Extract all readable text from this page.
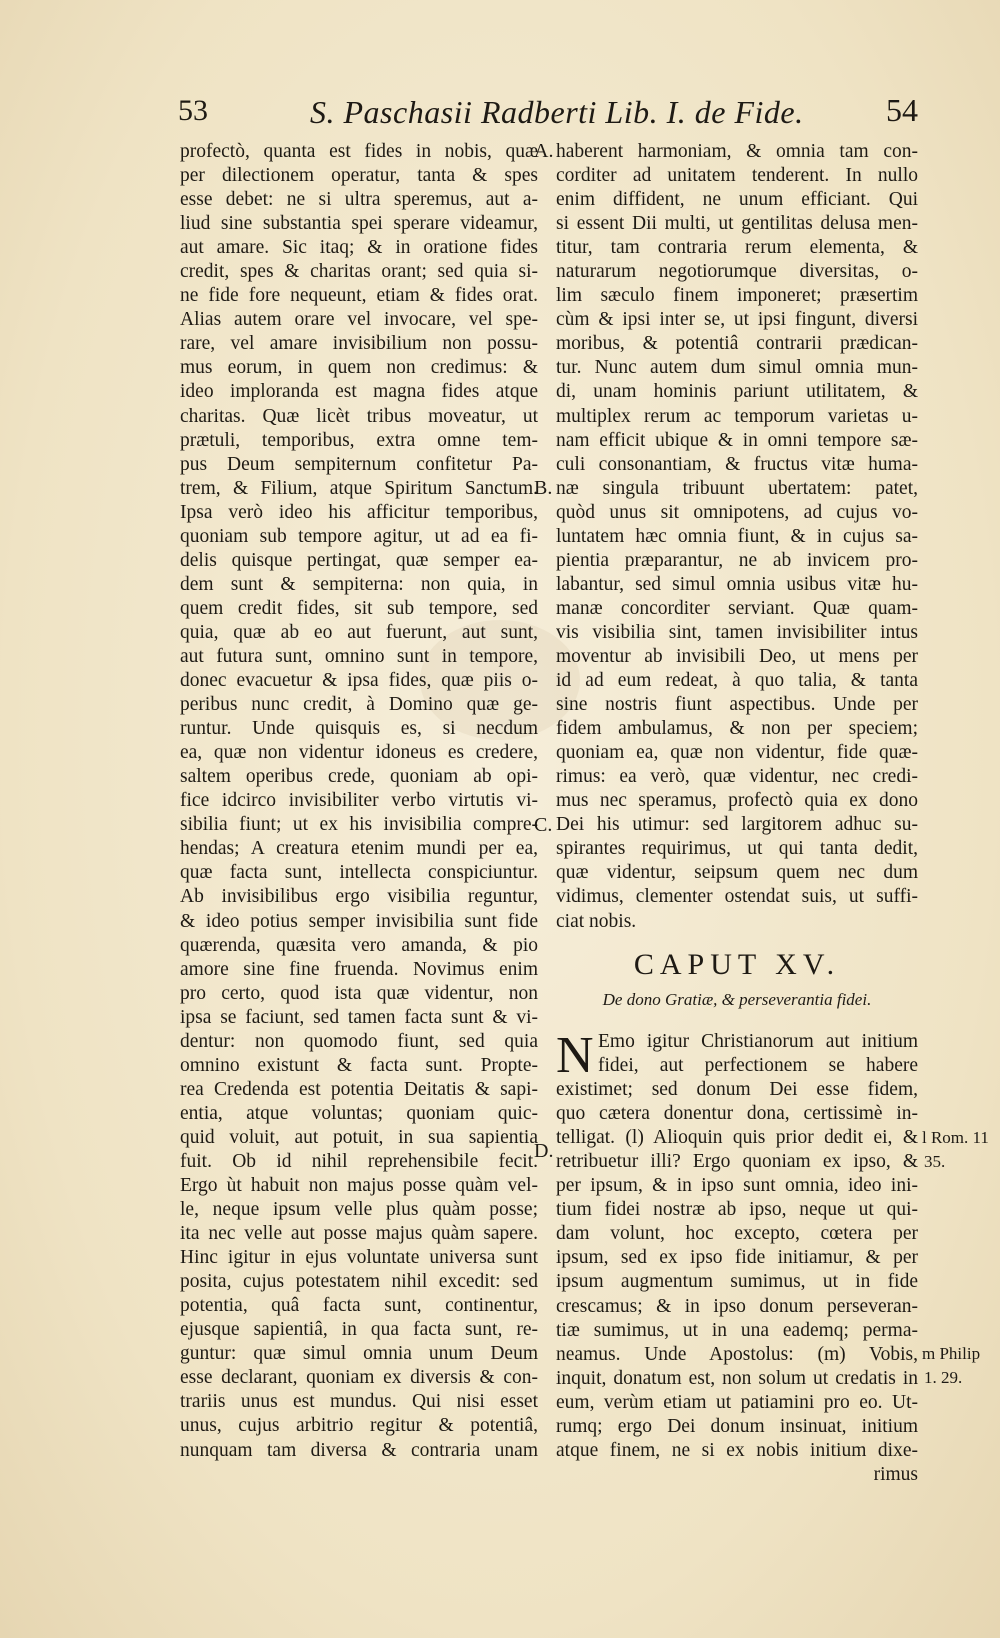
53	S. Paschasii Radberti Lib. I. de Fide.	54
profectò, quanta est fides in nobis, quæ
per dilectionem operatur, tanta & spes
esse debet: ne si ultra speremus, aut a-
liud sine substantia spei sperare videamur,
aut amare. Sic itaq; & in oratione fides
credit, spes & charitas orant; sed quia si-
ne fide fore nequeunt, etiam & fides orat.
Alias autem orare vel invocare, vel spe-
rare, vel amare invisibilium non possu-
mus eorum, in quem non credimus: &
ideo imploranda est magna fides atque
charitas. Quæ licèt tribus moveatur, ut
prætuli, temporibus, extra omne tem-
pus Deum sempiternum confitetur Pa-
trem, & Filium, atque Spiritum Sanctum.
Ipsa verò ideo his afficitur temporibus,
quoniam sub tempore agitur, ut ad ea fi-
delis quisque pertingat, quæ semper ea-
dem sunt & sempiterna: non quia, in
quem credit fides, sit sub tempore, sed
quia, quæ ab eo aut fuerunt, aut sunt,
aut futura sunt, omnino sunt in tempore,
donec evacuetur & ipsa fides, quæ piis o-
peribus nunc credit, à Domino quæ ge-
runtur. Unde quisquis es, si necdum
ea, quæ non videntur idoneus es credere,
saltem operibus crede, quoniam ab opi-
fice idcirco invisibiliter verbo virtutis vi-
sibilia fiunt; ut ex his invisibilia compre-
hendas; A creatura etenim mundi per ea,
quæ facta sunt, intellecta conspiciuntur.
Ab invisibilibus ergo visibilia reguntur,
& ideo potius semper invisibilia sunt fide
quærenda, quæsita vero amanda, & pio
amore sine fine fruenda. Novimus enim
pro certo, quod ista quæ videntur, non
ipsa se faciunt, sed tamen facta sunt & vi-
dentur: non quomodo fiunt, sed quia
omnino existunt & facta sunt. Propte-
rea Credenda est potentia Deitatis & sapi-
entia, atque voluntas; quoniam quic-
quid voluit, aut potuit, in sua sapientia
fuit. Ob id nihil reprehensibile fecit.
Ergo ùt habuit non majus posse quàm vel-
le, neque ipsum velle plus quàm posse;
ita nec velle aut posse majus quàm sapere.
Hinc igitur in ejus voluntate universa sunt
posita, cujus potestatem nihil excedit: sed
potentia, quâ facta sunt, continentur,
ejusque sapientiâ, in qua facta sunt, re-
guntur: quæ simul omnia unum Deum
esse declarant, quoniam ex diversis & con-
trariis unus est mundus. Qui nisi esset
unus, cujus arbitrio regitur & potentiâ,
nunquam tam diversa & contraria unam
haberent harmoniam, & omnia tam con-
corditer ad unitatem tenderent. In nullo
enim diffident, ne unum efficiant. Qui
si essent Dii multi, ut gentilitas delusa men-
titur, tam contraria rerum elementa, &
naturarum negotiorumque diversitas, o-
lim sæculo finem imponeret; præsertim
cùm & ipsi inter se, ut ipsi fingunt, diversi
moribus, & potentiâ contrarii prædican-
tur. Nunc autem dum simul omnia mun-
di, unam hominis pariunt utilitatem, &
multiplex rerum ac temporum varietas u-
nam efficit ubique & in omni tempore sæ-
culi consonantiam, & fructus vitæ huma-
næ singula tribuunt ubertatem: patet,
quòd unus sit omnipotens, ad cujus vo-
luntatem hæc omnia fiunt, & in cujus sa-
pientia præparantur, ne ab invicem pro-
labantur, sed simul omnia usibus vitæ hu-
manæ concorditer serviant. Quæ quam-
vis visibilia sint, tamen invisibiliter intus
moventur ab invisibili Deo, ut mens per
id ad eum redeat, à quo talia, & tanta
sine nostris fiunt aspectibus. Unde per
fidem ambulamus, & non per speciem;
quoniam ea, quæ non videntur, fide quæ-
rimus: ea verò, quæ videntur, nec credi-
mus nec speramus, profectò quia ex dono
Dei his utimur: sed largitorem adhuc su-
spirantes requirimus, ut qui tanta dedit,
quæ videntur, seipsum quem nec dum
vidimus, clementer ostendat suis, ut suffi-
ciat nobis.
A.
B.
C.
D.
CAPUT XV.
De dono Gratiæ, & perseverantia fidei.
N Emo igitur Christianorum aut initium
fidei, aut perfectionem se habere
existimet; sed donum Dei esse fidem,
quo cætera donentur dona, certissimè in-
telligat. (l) Alioquin quis prior dedit ei, &
retribuetur illi? Ergo quoniam ex ipso, &
per ipsum, & in ipso sunt omnia, ideo ini-
tium fidei nostræ ab ipso, neque ut qui-
dam volunt, hoc excepto, cœtera per
ipsum, sed ex ipso fide initiamur, & per
ipsum augmentum sumimus, ut in fide
crescamus; & in ipso donum perseveran-
tiæ sumimus, ut in una eademq; perma-
neamus. Unde Apostolus: (m) Vobis,
inquit, donatum est, non solum ut credatis in
eum, verùm etiam ut patiamini pro eo. Ut-
rumq; ergo Dei donum insinuat, initium
atque finem, ne si ex nobis initium dixe-
rimus
l Rom. 11
35.
m Philip
1. 29.
